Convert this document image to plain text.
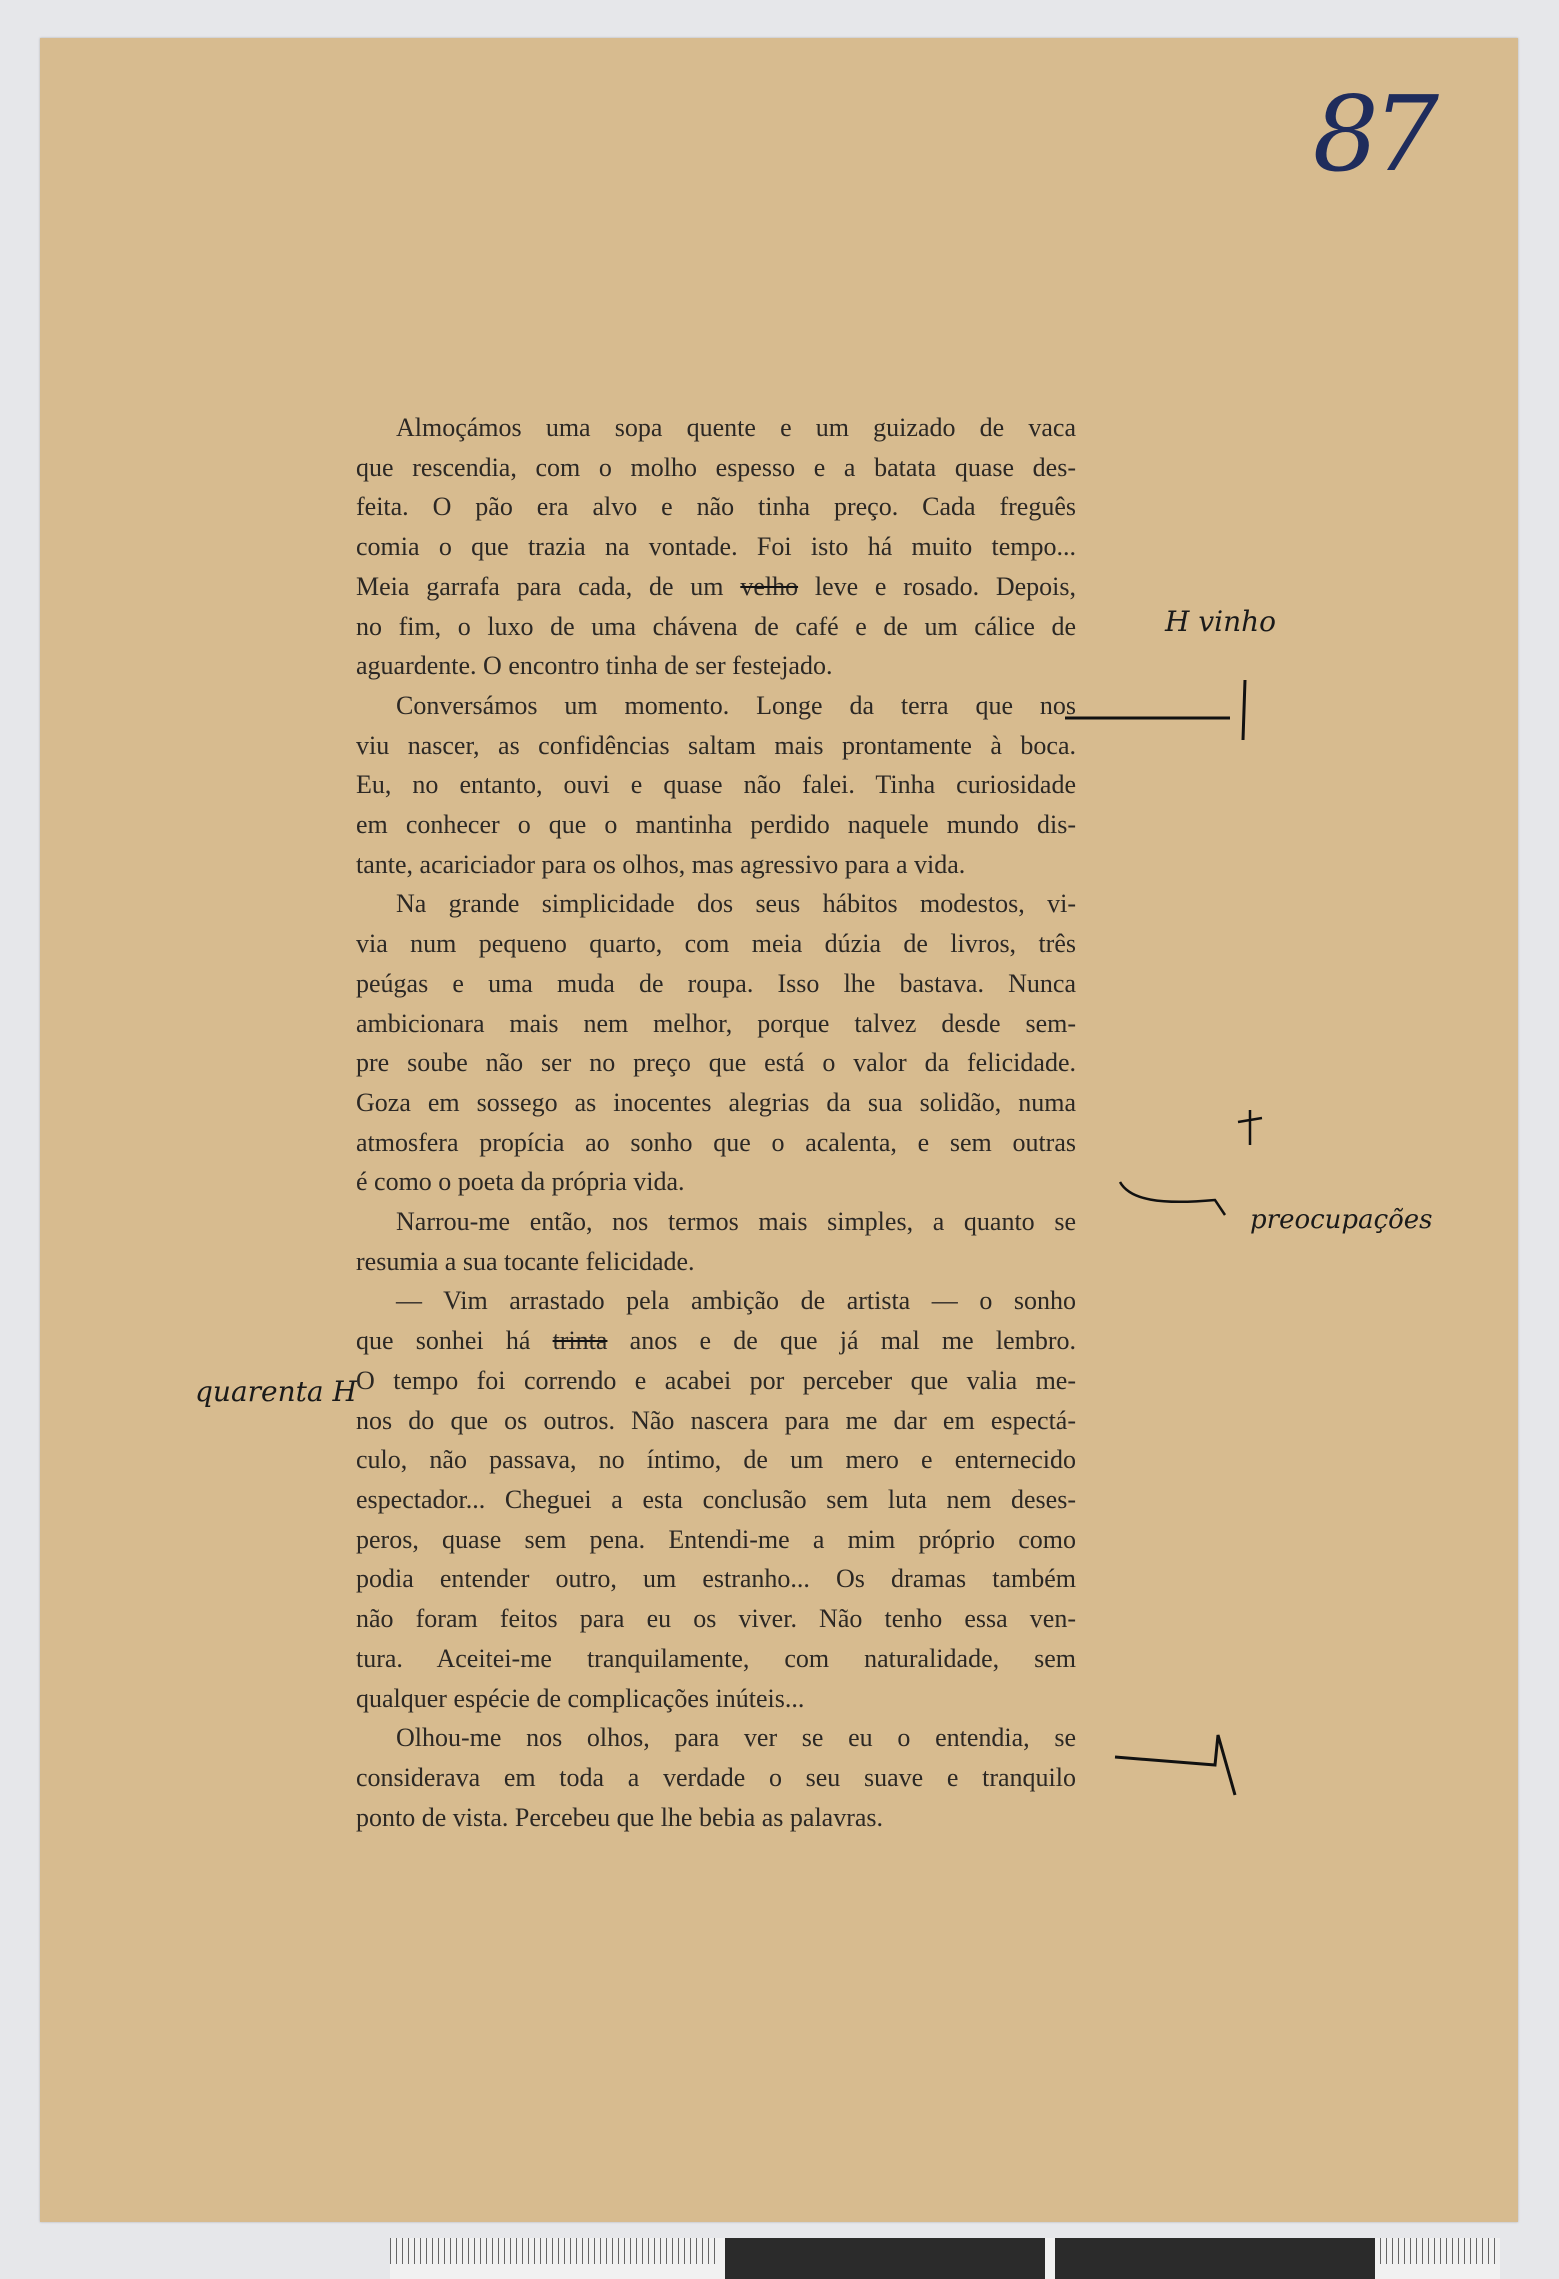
87

Almoçámos uma sopa quente e um guizado de vaca
que rescendia, com o molho espesso e a batata quase des-
feita. O pão era alvo e não tinha preço. Cada freguês
comia o que trazia na vontade. Foi isto há muito tempo...
Meia garrafa para cada, de um velho leve e rosado. Depois,
no fim, o luxo de uma chávena de café e de um cálice de
aguardente. O encontro tinha de ser festejado.

Conversámos um momento. Longe da terra que nos
viu nascer, as confidências saltam mais prontamente à boca.
Eu, no entanto, ouvi e quase não falei. Tinha curiosidade
em conhecer o que o mantinha perdido naquele mundo dis-
tante, acariciador para os olhos, mas agressivo para a vida.

Na grande simplicidade dos seus hábitos modestos, vi-
via num pequeno quarto, com meia dúzia de livros, três
peúgas e uma muda de roupa. Isso lhe bastava. Nunca
ambicionara mais nem melhor, porque talvez desde sem-
pre soube não ser no preço que está o valor da felicidade.
Goza em sossego as inocentes alegrias da sua solidão, numa
atmosfera propícia ao sonho que o acalenta, e sem outras
é como o poeta da própria vida.

Narrou-me então, nos termos mais simples, a quanto se
resumia a sua tocante felicidade.

— Vim arrastado pela ambição de artista — o sonho
que sonhei há trinta anos e de que já mal me lembro.
O tempo foi correndo e acabei por perceber que valia me-
nos do que os outros. Não nascera para me dar em espectá-
culo, não passava, no íntimo, de um mero e enternecido
espectador... Cheguei a esta conclusão sem luta nem deses-
peros, quase sem pena. Entendi-me a mim próprio como
podia entender outro, um estranho... Os dramas também
não foram feitos para eu os viver. Não tenho essa ven-
tura. Aceitei-me tranquilamente, com naturalidade, sem
qualquer espécie de complicações inúteis...

Olhou-me nos olhos, para ver se eu o entendia, se
considerava em toda a verdade o seu suave e tranquilo
ponto de vista. Percebeu que lhe bebia as palavras.

H vinho
preocupações
quarenta H
